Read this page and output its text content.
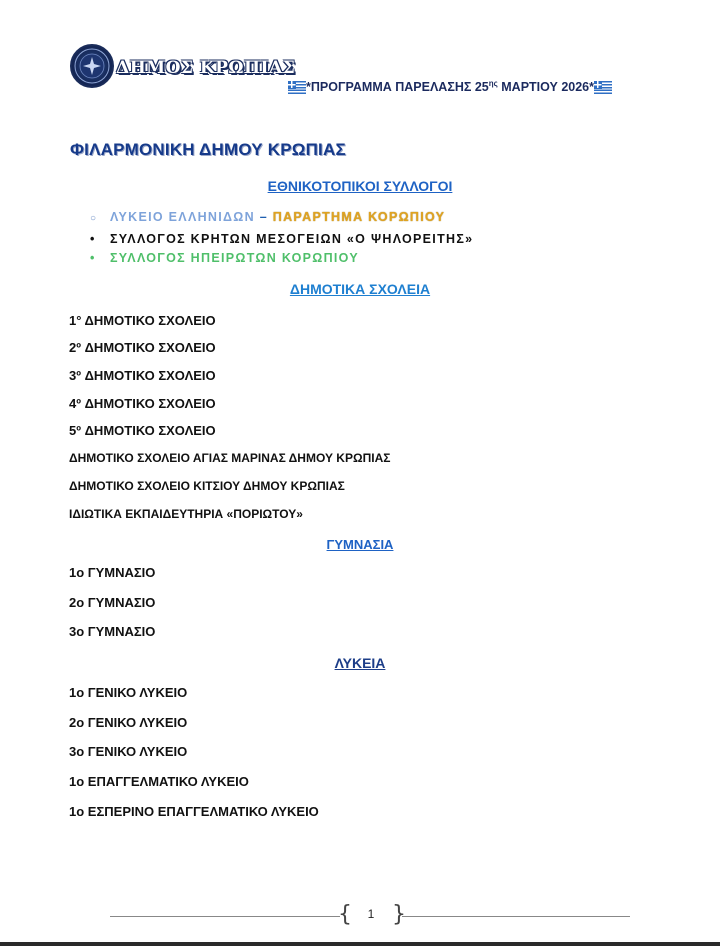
ΔΗΜΟΣ ΚΡΩΠΙΑΣ
*ΠΡΟΓΡΑΜΜΑ ΠΑΡΕΛΑΣΗΣ $25^{\eta\varsigma}$ ΜΑΡΤΙΟΥ 2026*
ΦΙΛΑΡΜΟΝΙΚΗ ΔΗΜΟΥ ΚΡΩΠΙΑΣ
ΕΘΝΙΚΟΤΟΠΙΚΟΙ ΣΥΛΛΟΓΟΙ
○ ΛΥΚΕΙΟ ΕΛΛΗΝΙΔΩΝ – ΠΑΡΑΡΤΗΜΑ ΚΟΡΩΠΙΟΥ
• ΣΥΛΛΟΓΟΣ ΚΡΗΤΩΝ ΜΕΣΟΓΕΙΩΝ «Ο ΨΗΛΟΡΕΙΤΗΣ»
• ΣΥΛΛΟΓΟΣ ΗΠΕΙΡΩΤΩΝ ΚΟΡΩΠΙΟΥ
ΔΗΜΟΤΙΚΑ ΣΧΟΛΕΙΑ
1° ΔΗΜΟΤΙΚΟ ΣΧΟΛΕΙΟ
2º ΔΗΜΟΤΙΚΟ ΣΧΟΛΕΙΟ
3º ΔΗΜΟΤΙΚΟ ΣΧΟΛΕΙΟ
4º ΔΗΜΟΤΙΚΟ ΣΧΟΛΕΙΟ
5º ΔΗΜΟΤΙΚΟ ΣΧΟΛΕΙΟ
ΔΗΜΟΤΙΚΟ ΣΧΟΛΕΙΟ ΑΓΙΑΣ ΜΑΡΙΝΑΣ ΔΗΜΟΥ ΚΡΩΠΙΑΣ
ΔΗΜΟΤΙΚΟ ΣΧΟΛΕΙΟ ΚΙΤΣΙΟΥ ΔΗΜΟΥ ΚΡΩΠΙΑΣ
ΙΔΙΩΤΙΚΑ ΕΚΠΑΙΔΕΥΤΗΡΙΑ «ΠΟΡΙΩΤΟΥ»
ΓΥΜΝΑΣΙΑ
1ο ΓΥΜΝΑΣΙΟ
2ο ΓΥΜΝΑΣΙΟ
3ο ΓΥΜΝΑΣΙΟ
ΛΥΚΕΙΑ
1ο ΓΕΝΙΚΟ ΛΥΚΕΙΟ
2ο ΓΕΝΙΚΟ ΛΥΚΕΙΟ
3ο ΓΕΝΙΚΟ ΛΥΚΕΙΟ
1ο ΕΠΑΓΓΕΛΜΑΤΙΚΟ ΛΥΚΕΙΟ
1ο ΕΣΠΕΡΙΝΟ ΕΠΑΓΓΕΛΜΑΤΙΚΟ ΛΥΚΕΙΟ
{	1 }
